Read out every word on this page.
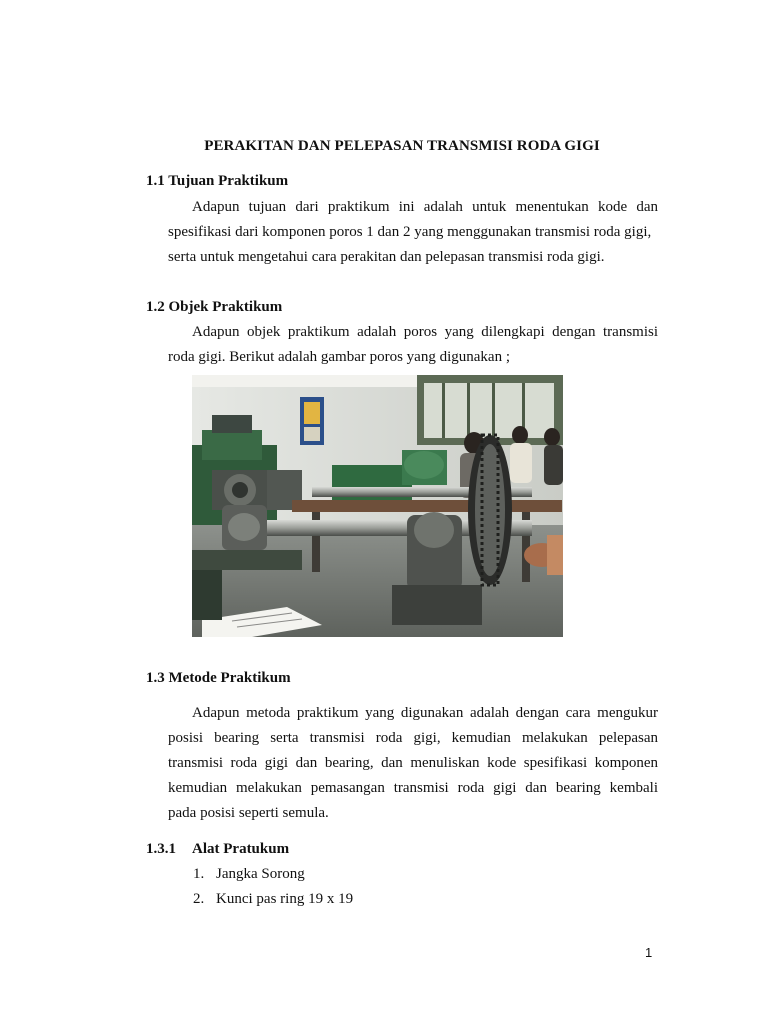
PERAKITAN DAN PELEPASAN TRANSMISI RODA GIGI
1.1 Tujuan Praktikum
Adapun tujuan dari praktikum ini adalah untuk menentukan kode dan
spesifikasi dari komponen poros 1 dan 2 yang menggunakan transmisi roda gigi,
serta untuk mengetahui cara perakitan dan pelepasan transmisi roda gigi.
1.2 Objek Praktikum
Adapun objek praktikum adalah poros yang dilengkapi dengan transmisi
roda gigi. Berikut adalah gambar poros yang digunakan ;
1.3 Metode Praktikum
Adapun metoda praktikum yang digunakan adalah dengan cara mengukur
posisi bearing serta transmisi roda gigi, kemudian melakukan pelepasan
transmisi roda gigi dan bearing, dan menuliskan kode spesifikasi komponen
kemudian melakukan pemasangan transmisi roda gigi dan bearing kembali
pada posisi seperti semula.
1.3.1 Alat Pratukum
1. Jangka Sorong
2. Kunci pas ring 19 x 19
1
